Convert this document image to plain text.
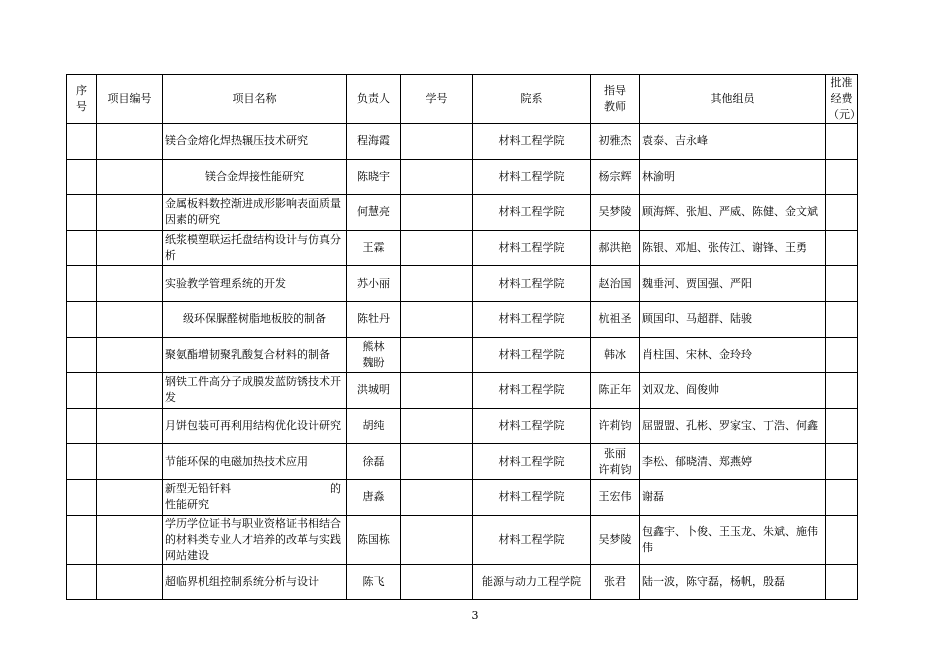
序
号	项目编号	项目名称	负责人	学号	院系	指导
教师	其他组员	批准经费
（元）
		镁合金熔化焊热辗压技术研究	程海霞		材料工程学院	初雅杰	袁泰、吉永峰	
		镁合金焊接性能研究	陈晓宇		材料工程学院	杨宗辉	林渝明	
		金属板料数控渐进成形影响表面质量因素的研究	何慧亮		材料工程学院	吴梦陵	顾海辉、张旭、严威、陈健、金文斌	
		纸浆模塑联运托盘结构设计与仿真分析	王霖		材料工程学院	郝洪艳	陈银、邓旭、张传江、谢锋、王勇	
		实验教学管理系统的开发	苏小丽		材料工程学院	赵治国	魏垂河、贾国强、严阳	
		级环保脲醛树脂地板胶的制备	陈牡丹		材料工程学院	杭祖圣	顾国印、马超群、陆骏	
		聚氨酯增韧聚乳酸复合材料的制备	熊林
魏盼		材料工程学院	韩冰	肖柱国、宋林、金玲玲	
		钢铁工件高分子成膜发蓝防锈技术开发	洪城明		材料工程学院	陈正年	刘双龙、阎俊帅	
		月饼包装可再利用结构优化设计研究	胡纯		材料工程学院	许莉钧	屈盟盟、孔彬、罗家宝、丁浩、何鑫	
		节能环保的电磁加热技术应用	徐磊		材料工程学院	张丽
许莉钧	李松、郁晓清、郑燕婷	
		新型无铅钎料　　　　　　　　　的性能研究	唐淼		材料工程学院	王宏伟	谢磊	
		学历学位证书与职业资格证书相结合的材料类专业人才培养的改革与实践网站建设	陈国栋		材料工程学院	吴梦陵	包鑫宇、卜俊、王玉龙、朱斌、施伟伟	
		超临界机组控制系统分析与设计	陈飞		能源与动力工程学院	张君	陆一波，陈守磊，杨帆，殷磊	
3
